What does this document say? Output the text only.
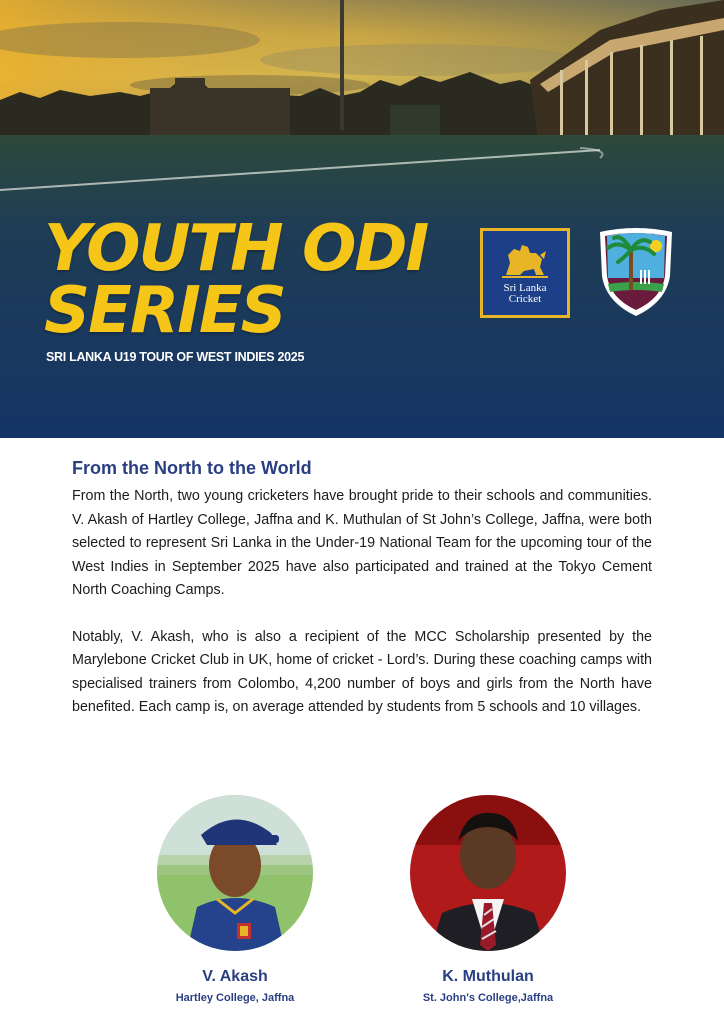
YOUTH ODI
SERIES
SRI LANKA U19 TOUR OF WEST INDIES 2025
Sri Lanka
Cricket
From the North to the World

From the North, two young cricketers have brought pride to their schools and communities. V. Akash of Hartley College, Jaffna and K. Muthulan of St John’s College, Jaffna, were both selected to represent Sri Lanka in the Under-19 National Team for the upcoming tour of the West Indies in September 2025 have also participated and trained at the Tokyo Cement North Coaching Camps.

Notably, V. Akash, who is also a recipient of the MCC Scholarship presented by the Marylebone Cricket Club in UK, home of cricket - Lord’s. During these coaching camps with specialised trainers from Colombo, 4,200 number of boys and girls from the North have benefited. Each camp is, on average attended by students from 5 schools and 10 villages.

V. Akash
Hartley College, Jaffna
K. Muthulan
St. John's College,Jaffna
